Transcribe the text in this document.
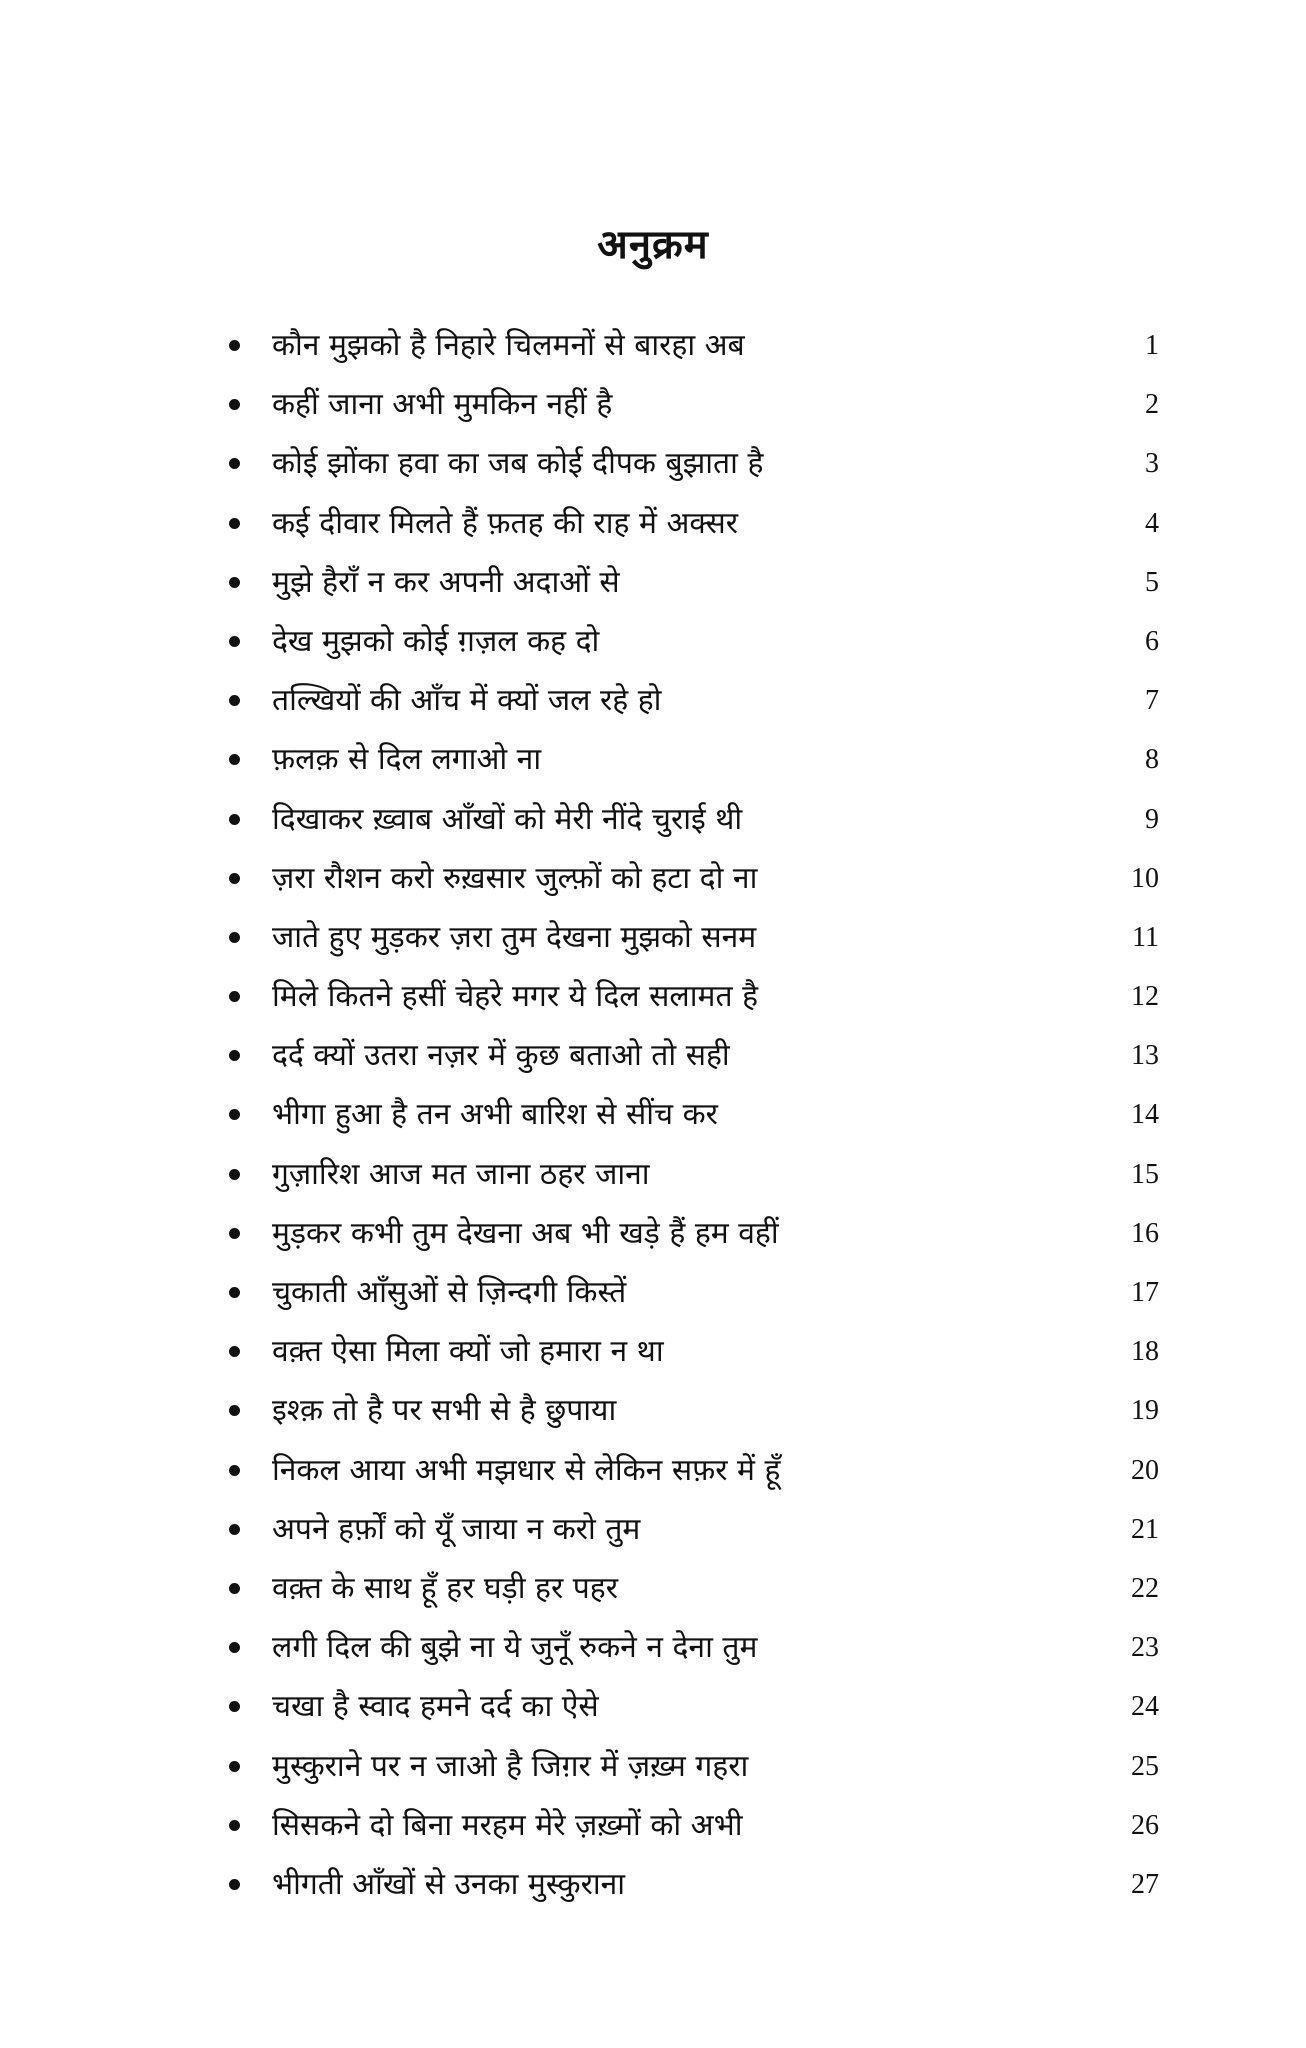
अनुक्रम
कौन मुझको है निहारे चिलमनों से बारहा अब	1
कहीं जाना अभी मुमकिन नहीं है	2
कोई झोंका हवा का जब कोई दीपक बुझाता है	3
कई दीवार मिलते हैं फ़तह की राह में अक्सर	4
मुझे हैराँ न कर अपनी अदाओं से	5
देख मुझको कोई ग़ज़ल कह दो	6
तल्खियों की आँच में क्यों जल रहे हो	7
फ़लक़ से दिल लगाओ ना	8
दिखाकर ख़्वाब आँखों को मेरी नींदे चुराई थी	9
ज़रा रौशन करो रुख़सार जुल्फ़ों को हटा दो ना	10
जाते हुए मुड़कर ज़रा तुम देखना मुझको सनम	11
मिले कितने हसीं चेहरे मगर ये दिल सलामत है	12
दर्द क्यों उतरा नज़र में कुछ बताओ तो सही	13
भीगा हुआ है तन अभी बारिश से सींच कर	14
गुज़ारिश आज मत जाना ठहर जाना	15
मुड़कर कभी तुम देखना अब भी खड़े हैं हम वहीं	16
चुकाती आँसुओं से ज़िन्दगी किस्तें	17
वक़्त ऐसा मिला क्यों जो हमारा न था	18
इश्क़ तो है पर सभी से है छुपाया	19
निकल आया अभी मझधार से लेकिन सफ़र में हूँ	20
अपने हर्फ़ों को यूँ जाया न करो तुम	21
वक़्त के साथ हूँ हर घड़ी हर पहर	22
लगी दिल की बुझे ना ये जुनूँ रुकने न देना तुम	23
चखा है स्वाद हमने दर्द का ऐसे	24
मुस्कुराने पर न जाओ है जिग़र में ज़ख़्म गहरा	25
सिसकने दो बिना मरहम मेरे ज़ख़्मों को अभी	26
भीगती आँखों से उनका मुस्कुराना	27
